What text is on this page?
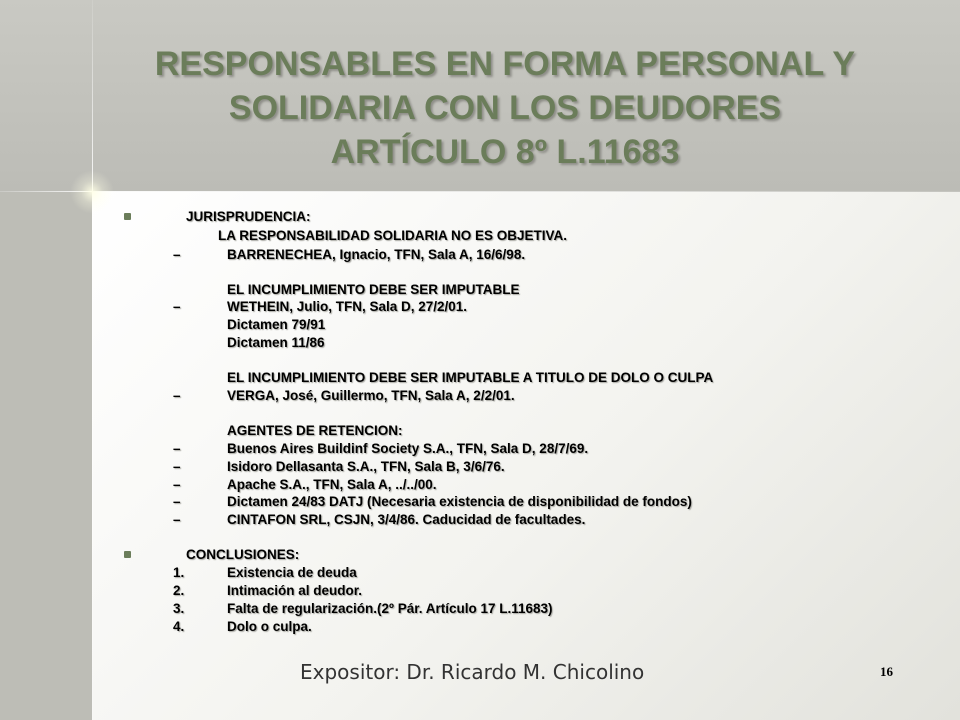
RESPONSABLES EN FORMA PERSONAL Y
SOLIDARIA CON LOS DEUDORES
ARTÍCULO 8º L.11683
JURISPRUDENCIA:
LA RESPONSABILIDAD SOLIDARIA NO ES OBJETIVA.
–	BARRENECHEA, Ignacio, TFN, Sala A, 16/6/98.
EL INCUMPLIMIENTO DEBE SER IMPUTABLE
–	WETHEIN, Julio, TFN, Sala D, 27/2/01.
Dictamen 79/91
Dictamen 11/86
EL INCUMPLIMIENTO DEBE SER IMPUTABLE A TITULO DE DOLO O CULPA
–	VERGA, José, Guillermo, TFN, Sala A, 2/2/01.
AGENTES DE RETENCION:
–	Buenos Aires Buildinf Society S.A., TFN, Sala D, 28/7/69.
–	Isidoro Dellasanta S.A., TFN, Sala B, 3/6/76.
–	Apache S.A., TFN, Sala A, ../../00.
–	Dictamen 24/83 DATJ (Necesaria existencia de disponibilidad de fondos)
–	CINTAFON SRL, CSJN, 3/4/86. Caducidad de facultades.
CONCLUSIONES:
1.	Existencia de deuda
2.	Intimación al deudor.
3.	Falta de regularización.(2º Pár. Artículo 17 L.11683)
4.	Dolo o culpa.
Expositor: Dr. Ricardo M. Chicolino	16
